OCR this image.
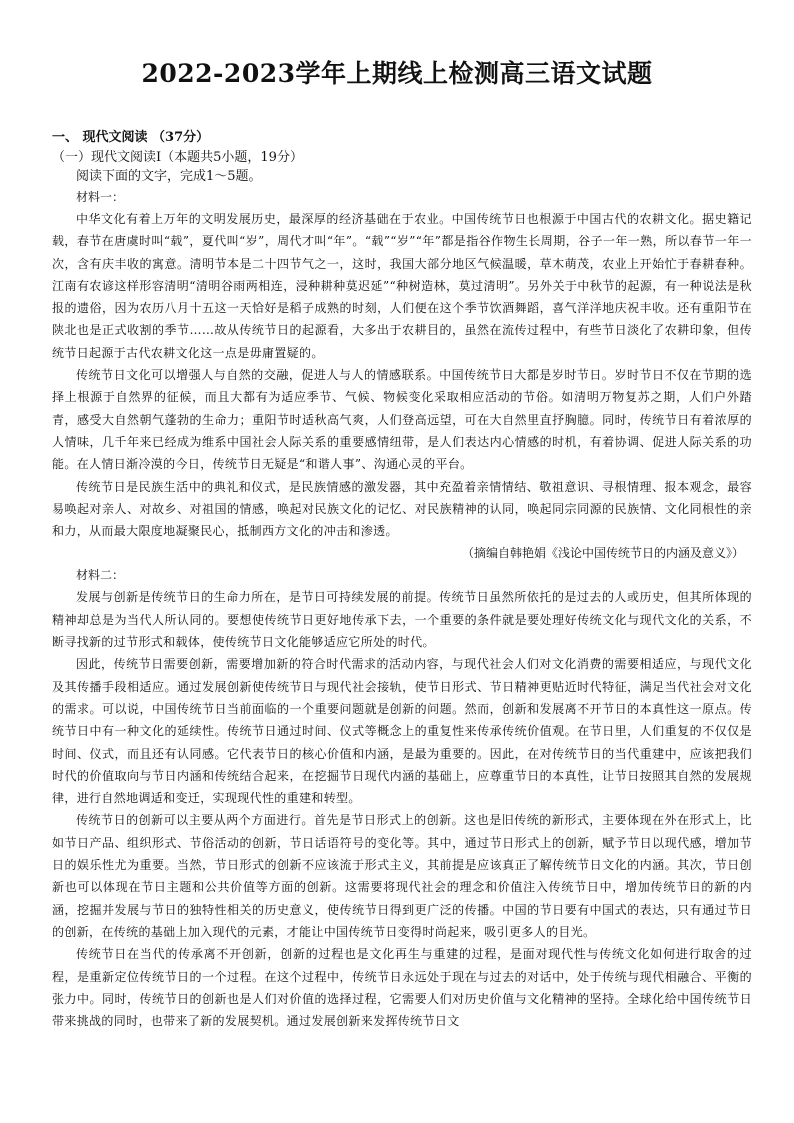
2022-2023学年上期线上检测高三语文试题

一、 现代文阅读 （37分）

（一）现代文阅读Ⅰ（本题共5小题，19分）

阅读下面的文字，完成1～5题。

材料一：

中华文化有着上万年的文明发展历史，最深厚的经济基础在于农业。中国传统节日也根源于中国古代的农耕文化。据史籍记载，春节在唐虞时叫“载”，夏代叫“岁”，周代才叫“年”。“载”“岁”“年”都是指谷作物生长周期，谷子一年一熟，所以春节一年一次，含有庆丰收的寓意。清明节本是二十四节气之一，这时，我国大部分地区气候温暖，草木萌茂，农业上开始忙于春耕春种。江南有农谚这样形容清明“清明谷雨两相连，浸种耕种莫迟延”“种树造林，莫过清明”。另外关于中秋节的起源，有一种说法是秋报的遗俗，因为农历八月十五这一天恰好是稻子成熟的时刻，人们便在这个季节饮酒舞蹈，喜气洋洋地庆祝丰收。还有重阳节在陕北也是正式收割的季节……故从传统节日的起源看，大多出于农耕目的，虽然在流传过程中，有些节日淡化了农耕印象，但传统节日起源于古代农耕文化这一点是毋庸置疑的。

传统节日文化可以增强人与自然的交融，促进人与人的情感联系。中国传统节日大都是岁时节日。岁时节日不仅在节期的选择上根源于自然界的征候，而且大都有为适应季节、气候、物候变化采取相应活动的节俗。如清明万物复苏之期，人们户外踏青，感受大自然朝气蓬勃的生命力；重阳节时适秋高气爽，人们登高远望，可在大自然里直抒胸臆。同时，传统节日有着浓厚的人情味，几千年来已经成为维系中国社会人际关系的重要感情纽带，是人们表达内心情感的时机，有着协调、促进人际关系的功能。在人情日渐冷漠的今日，传统节日无疑是“和谐人事”、沟通心灵的平台。

传统节日是民族生活中的典礼和仪式，是民族情感的激发器，其中充盈着亲情情结、敬祖意识、寻根情理、报本观念，最容易唤起对亲人、对故乡、对祖国的情感，唤起对民族文化的记忆、对民族精神的认同，唤起同宗同源的民族情、文化同根性的亲和力，从而最大限度地凝聚民心，抵制西方文化的冲击和渗透。

（摘编自韩艳娟《浅论中国传统节日的内涵及意义》）

材料二：

发展与创新是传统节日的生命力所在，是节日可持续发展的前提。传统节日虽然所依托的是过去的人或历史，但其所体现的精神却总是为当代人所认同的。要想使传统节日更好地传承下去，一个重要的条件就是要处理好传统文化与现代文化的关系，不断寻找新的过节形式和载体，使传统节日文化能够适应它所处的时代。

因此，传统节日需要创新，需要增加新的符合时代需求的活动内容，与现代社会人们对文化消费的需要相适应，与现代文化及其传播手段相适应。通过发展创新使传统节日与现代社会接轨，使节日形式、节日精神更贴近时代特征，满足当代社会对文化的需求。可以说，中国传统节日当前面临的一个重要问题就是创新的问题。然而，创新和发展离不开节日的本真性这一原点。传统节日中有一种文化的延续性。传统节日通过时间、仪式等概念上的重复性来传承传统价值观。在节日里，人们重复的不仅仅是时间、仪式，而且还有认同感。它代表节日的核心价值和内涵，是最为重要的。因此，在对传统节日的当代重建中，应该把我们时代的价值取向与节日内涵和传统结合起来，在挖掘节日现代内涵的基础上，应尊重节日的本真性，让节日按照其自然的发展规律，进行自然地调适和变迁，实现现代性的重建和转型。

传统节日的创新可以主要从两个方面进行。首先是节日形式上的创新。这也是旧传统的新形式，主要体现在外在形式上，比如节日产品、组织形式、节俗活动的创新，节日话语符号的变化等。其中，通过节日形式上的创新，赋予节日以现代感，增加节日的娱乐性尤为重要。当然，节日形式的创新不应该流于形式主义，其前提是应该真正了解传统节日文化的内涵。其次，节日创新也可以体现在节日主题和公共价值等方面的创新。这需要将现代社会的理念和价值注入传统节日中，增加传统节日的新的内涵，挖掘并发展与节日的独特性相关的历史意义，使传统节日得到更广泛的传播。中国的节日要有中国式的表达，只有通过节日的创新，在传统的基础上加入现代的元素，才能让中国传统节日变得时尚起来，吸引更多人的目光。

传统节日在当代的传承离不开创新，创新的过程也是文化再生与重建的过程，是面对现代性与传统文化如何进行取舍的过程，是重新定位传统节日的一个过程。在这个过程中，传统节日永远处于现在与过去的对话中，处于传统与现代相融合、平衡的张力中。同时，传统节日的创新也是人们对价值的选择过程，它需要人们对历史价值与文化精神的坚持。全球化给中国传统节日带来挑战的同时，也带来了新的发展契机。通过发展创新来发挥传统节日文
